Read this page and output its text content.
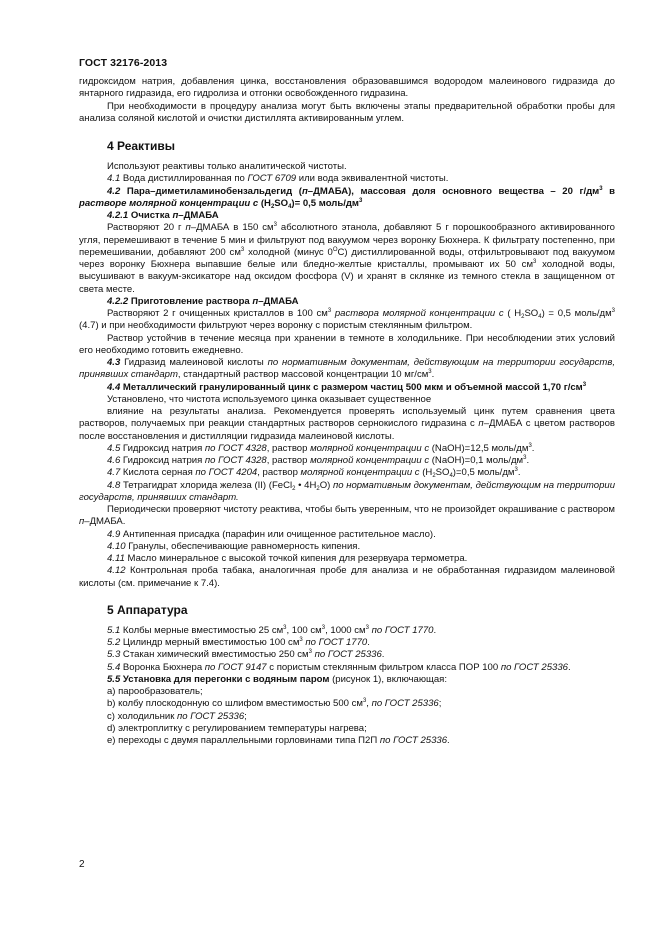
ГОСТ 32176-2013

гидроксидом натрия, добавления цинка, восстановления образовавшимся водородом малеинового гидразида до янтарного гидразида, его гидролиза и отгонки освобожденного гидразина.

При необходимости в процедуру анализа могут быть включены этапы предварительной обработки пробы для анализа соляной кислотой и очистки дистиллята активированным углем.

4 Реактивы

Используют реактивы только аналитической чистоты.

4.1 Вода дистиллированная по ГОСТ 6709 или вода эквивалентной чистоты.

4.2 Пара–диметиламинобензальдегид (п–ДМАБА), массовая доля основного вещества – 20 $г/дм^3$ в растворе молярной концентрации с $(H_2SO_4)= 0,5$ моль/$дм^3$

4.2.1 Очистка п–ДМАБА

Растворяют 20 г п–ДМАБА в 150 $см^3$ абсолютного этанола, добавляют 5 г порошкообразного активированного угля, перемешивают в течение 5 мин и фильтруют под вакуумом через воронку Бюхнера. К фильтрату постепенно, при перемешивании, добавляют 200 $см^3$ холодной (минус $0^ОС$) дистиллированной воды, отфильтровывают под вакуумом через воронку Бюхнера выпавшие белые или бледно-желтые кристаллы, промывают их 50 $см^3$ холодной воды, высушивают в вакуум-эксикаторе над оксидом фосфора (V) и хранят в склянке из темного стекла в защищенном от света месте.

4.2.2 Приготовление раствора п–ДМАБА

Растворяют 2 г очищенных кристаллов в 100 $см^3$ раствора молярной концентрации с ( $H_2SO_4) = 0,5$ моль/$дм^3$ (4.7) и при необходимости фильтруют через воронку с пористым стеклянным фильтром.

Раствор устойчив в течение месяца при хранении в темноте в холодильнике. При несоблюдении этих условий его необходимо готовить ежедневно.

4.3 Гидразид малеиновой кислоты по нормативным документам, действующим на территории государств, принявших стандарт, стандартный раствор массовой концентрации 10 $мг/см^3$.

4.4 Металлический гранулированный цинк с размером частиц 500 мкм и объемной массой 1,70 $г/см^3$

Установлено, что чистота используемого цинка оказывает существенное

влияние на результаты анализа. Рекомендуется проверять используемый цинк путем сравнения цвета растворов, получаемых при реакции стандартных растворов сернокислого гидразина с п–ДМАБА с цветом растворов после восстановления и дистилляции гидразида малеиновой кислоты.

4.5 Гидроксид натрия по ГОСТ 4328, раствор молярной концентрации с (NaOH)=12,5 моль/$дм^3$.

4.6 Гидроксид натрия по ГОСТ 4328, раствор молярной концентрации с (NaOH)=0,1 моль/$дм^3$.

4.7 Кислота серная по ГОСТ 4204, раствор молярной концентрации с $(H_2SO_4)=0,5$ моль/$дм^3$.

4.8 Тетрагидрат хлорида железа (II) (FeCl$_2$ • $4H_2O$) по нормативным документам, действующим на территории государств, принявших стандарт.

Периодически проверяют чистоту реактива, чтобы быть уверенным, что не произойдет окрашивание с раствором п–ДМАБА.

4.9 Антипенная присадка (парафин или очищенное растительное масло).

4.10 Гранулы, обеспечивающие равномерность кипения.

4.11 Масло минеральное с высокой точкой кипения для резервуара термометра.

4.12 Контрольная проба табака, аналогичная пробе для анализа и не обработанная гидразидом малеиновой кислоты (см. примечание к 7.4).

5 Аппаратура

5.1 Колбы мерные вместимостью 25 $см^3$, 100 $см^3$, 1000 $см^3$ по ГОСТ 1770.

5.2 Цилиндр мерный вместимостью 100 $см^3$ по ГОСТ 1770.

5.3 Стакан химический вместимостью 250 $см^3$ по ГОСТ 25336.

5.4 Воронка Бюхнера по ГОСТ 9147 с пористым стеклянным фильтром класса ПОР 100 по ГОСТ 25336.

5.5 Установка для перегонки с водяным паром (рисунок 1), включающая:

a) парообразователь;

b) колбу плоскодонную со шлифом вместимостью 500 $см^3$, по ГОСТ 25336;

c) холодильник по ГОСТ 25336;

d) электроплитку с регулированием температуры нагрева;

e) переходы с двумя параллельными горловинами типа П2П по ГОСТ 25336.

2
